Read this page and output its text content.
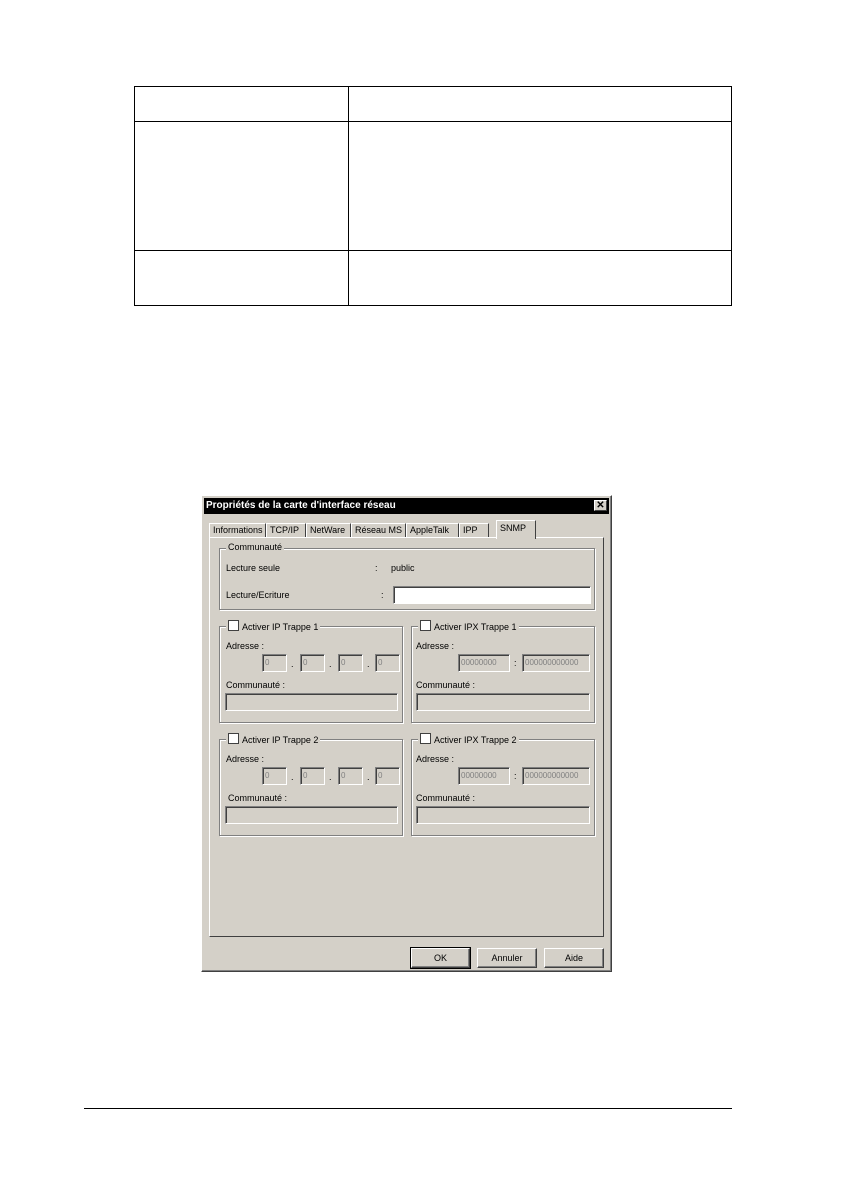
Propriétés de la carte d'interface réseau	✕
Informations TCP/IP	NetWare	Réseau MS AppleTalk	IPP	SNMP
Communauté
Lecture seule	: public
Lecture/Ecriture	:
Activer IP Trappe 1
Adresse :
0	.	0	.	0	.	0
Communauté :
Activer IPX Trappe 1
Adresse :
00000000	:	000000000000
Communauté :
Activer IP Trappe 2
Adresse :
0	.	0	.	0	.	0
Communauté :
Activer IPX Trappe 2
Adresse :
00000000	:	000000000000
Communauté :
OK	Annuler	Aide
